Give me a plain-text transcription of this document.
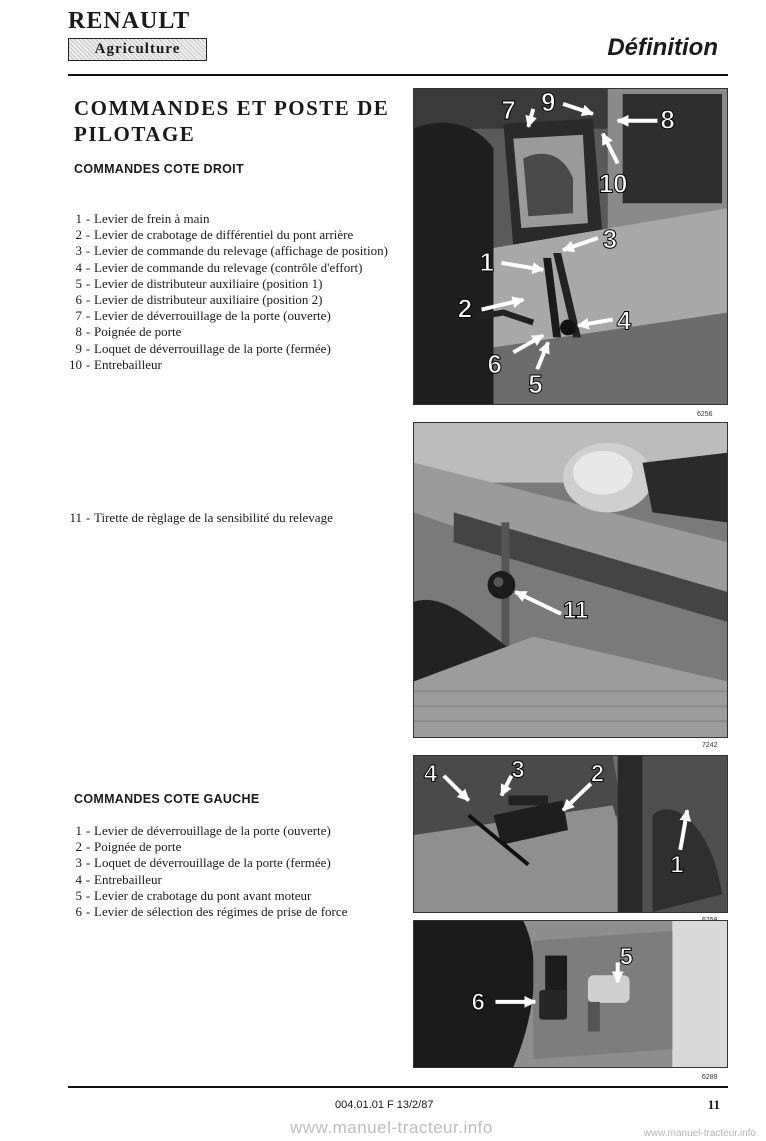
RENAULT
Agriculture	Définition
COMMANDES ET POSTE DE PILOTAGE
COMMANDES COTE DROIT
1 - Levier de frein à main
2 - Levier de crabotage de différentiel du pont arrière
3 - Levier de commande du relevage (affichage de position)
4 - Levier de commande du relevage (contrôle d'effort)
5 - Levier de distributeur auxiliaire (position 1)
6 - Levier de distributeur auxiliaire (position 2)
7 - Levier de déverrouillage de la porte (ouverte)
8 - Poignée de porte
9 - Loquet de déverrouillage de la porte (fermée)
10 - Entrebailleur
11 - Tirette de règlage de la sensibilité du relevage
COMMANDES COTE GAUCHE
1 - Levier de déverrouillage de la porte (ouverte)
2 - Poignée de porte
3 - Loquet de déverrouillage de la porte (fermée)
4 - Entrebailleur
5 - Levier de crabotage du pont avant moteur
6 - Levier de sélection des régimes de prise de force
7 9
8
10
3
1
2	4
6
5
6256
11
7242
4	3	2
1
5
6
6289
004.01.01 F 13/2/87	11
www.manuel-tracteur.info	www.manuel-tracteur.info
